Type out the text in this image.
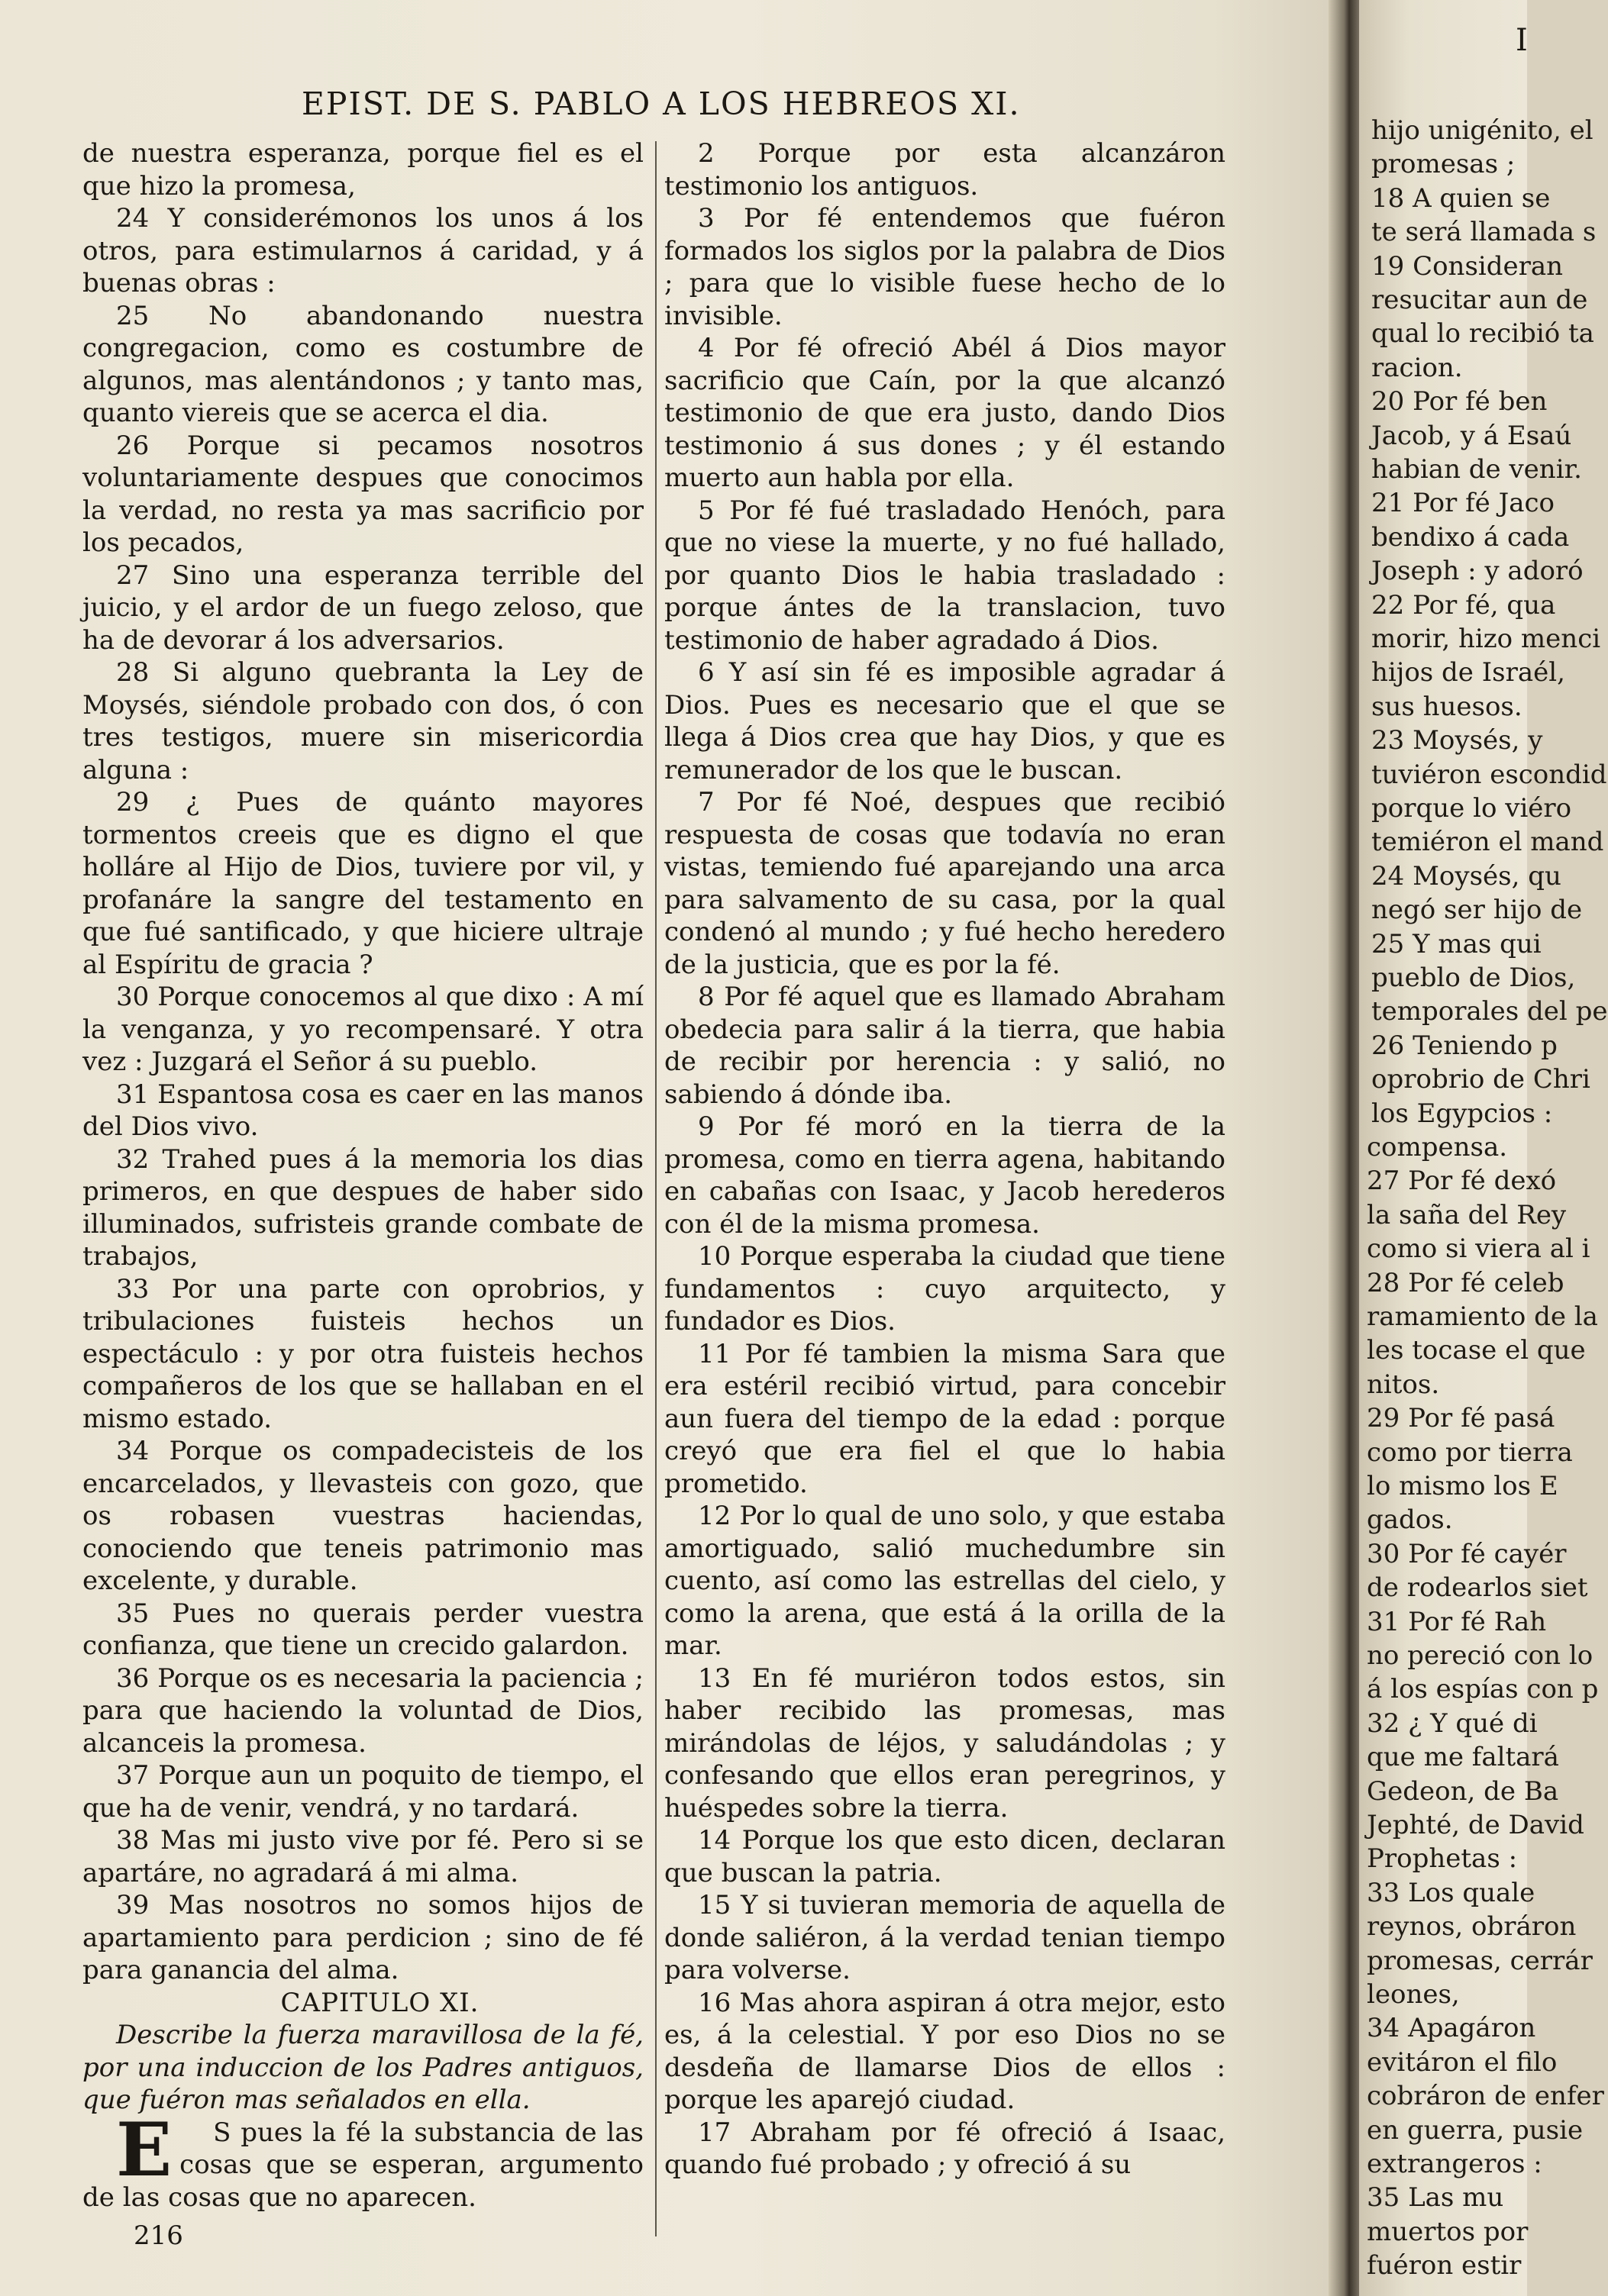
EPIST. DE S. PABLO A LOS HEBREOS XI.

de nuestra esperanza, porque fiel es el que hizo la promesa,

24 Y considerémonos los unos á los otros, para estimularnos á caridad, y á buenas obras :

25 No abandonando nuestra congregacion, como es costumbre de algunos, mas alentándonos ; y tanto mas, quanto viereis que se acerca el dia.

26 Porque si pecamos nosotros voluntariamente despues que conocimos la verdad, no resta ya mas sacrificio por los pecados,

27 Sino una esperanza terrible del juicio, y el ardor de un fuego zeloso, que ha de devorar á los adversarios.

28 Si alguno quebranta la Ley de Moysés, siéndole probado con dos, ó con tres testigos, muere sin misericordia alguna :

29 ¿ Pues de quánto mayores tormentos creeis que es digno el que holláre al Hijo de Dios, tuviere por vil, y profanáre la sangre del testamento en que fué santificado, y que hiciere ultraje al Espíritu de gracia ?

30 Porque conocemos al que dixo : A mí la venganza, y yo recompensaré. Y otra vez : Juzgará el Señor á su pueblo.

31 Espantosa cosa es caer en las manos del Dios vivo.

32 Trahed pues á la memoria los dias primeros, en que despues de haber sido illuminados, sufristeis grande combate de trabajos,

33 Por una parte con oprobrios, y tribulaciones fuisteis hechos un espectáculo : y por otra fuisteis hechos compañeros de los que se hallaban en el mismo estado.

34 Porque os compadecisteis de los encarcelados, y llevasteis con gozo, que os robasen vuestras haciendas, conociendo que teneis patrimonio mas excelente, y durable.

35 Pues no querais perder vuestra confianza, que tiene un crecido galardon.

36 Porque os es necesaria la paciencia ; para que haciendo la voluntad de Dios, alcanceis la promesa.

37 Porque aun un poquito de tiempo, el que ha de venir, vendrá, y no tardará.

38 Mas mi justo vive por fé. Pero si se apartáre, no agradará á mi alma.

39 Mas nosotros no somos hijos de apartamiento para perdicion ; sino de fé para ganancia del alma.

CAPITULO XI.

Describe la fuerza maravillosa de la fé, por una induccion de los Padres antiguos, que fuéron mas señalados en ella.

E S pues la fé la substancia de las cosas que se esperan, argumento de las cosas que no aparecen.

2 Porque por esta alcanzáron testimonio los antiguos.

3 Por fé entendemos que fuéron formados los siglos por la palabra de Dios ; para que lo visible fuese hecho de lo invisible.

4 Por fé ofreció Abél á Dios mayor sacrificio que Caín, por la que alcanzó testimonio de que era justo, dando Dios testimonio á sus dones ; y él estando muerto aun habla por ella.

5 Por fé fué trasladado Henóch, para que no viese la muerte, y no fué hallado, por quanto Dios le habia trasladado : porque ántes de la translacion, tuvo testimonio de haber agradado á Dios.

6 Y así sin fé es imposible agradar á Dios. Pues es necesario que el que se llega á Dios crea que hay Dios, y que es remunerador de los que le buscan.

7 Por fé Noé, despues que recibió respuesta de cosas que todavía no eran vistas, temiendo fué aparejando una arca para salvamento de su casa, por la qual condenó al mundo ; y fué hecho heredero de la justicia, que es por la fé.

8 Por fé aquel que es llamado Abraham obedecia para salir á la tierra, que habia de recibir por herencia : y salió, no sabiendo á dónde iba.

9 Por fé moró en la tierra de la promesa, como en tierra agena, habitando en cabañas con Isaac, y Jacob herederos con él de la misma promesa.

10 Porque esperaba la ciudad que tiene fundamentos : cuyo arquitecto, y fundador es Dios.

11 Por fé tambien la misma Sara que era estéril recibió virtud, para concebir aun fuera del tiempo de la edad : porque creyó que era fiel el que lo habia prometido.

12 Por lo qual de uno solo, y que estaba amortiguado, salió muchedumbre sin cuento, así como las estrellas del cielo, y como la arena, que está á la orilla de la mar.

13 En fé muriéron todos estos, sin haber recibido las promesas, mas mirándolas de léjos, y saludándolas ; y confesando que ellos eran peregrinos, y huéspedes sobre la tierra.

14 Porque los que esto dicen, declaran que buscan la patria.

15 Y si tuvieran memoria de aquella de donde saliéron, á la verdad tenian tiempo para volverse.

16 Mas ahora aspiran á otra mejor, esto es, á la celestial. Y por eso Dios no se desdeña de llamarse Dios de ellos : porque les aparejó ciudad.

17 Abraham por fé ofreció á Isaac, quando fué probado ; y ofreció á su

216
hijo unigénito, el
promesas ;
18 A quien se
te será llamada s
19 Consideran
resucitar aun de
qual lo recibió ta
racion.
20 Por fé ben
Jacob, y á Esaú
habian de venir.
21 Por fé Jaco
bendixo á cada
Joseph : y adoró
22 Por fé, qua
morir, hizo menci
hijos de Israél,
sus huesos.
23 Moysés, y
tuviéron escondid
porque lo viéro
temiéron el mand
24 Moysés, qu
negó ser hijo de
25 Y mas qui
pueblo de Dios,
temporales del pe
26 Teniendo p
oprobrio de Chri
los Egypcios :
compensa.
27 Por fé dexó
la saña del Rey
como si viera al i
28 Por fé celeb
ramamiento de la
les tocase el que
nitos.
29 Por fé pasá
como por tierra
lo mismo los E
gados.
30 Por fé cayér
de rodearlos siet
31 Por fé Rah
no pereció con lo
á los espías con p
32 ¿ Y qué di
que me faltará
Gedeon, de Ba
Jephté, de David
Prophetas :
33 Los quale
reynos, obráron
promesas, cerrár
leones,
34 Apagáron
evitáron el filo
cobráron de enfer
en guerra, pusie
extrangeros :
35 Las mu
muertos por
fuéron estir
I
